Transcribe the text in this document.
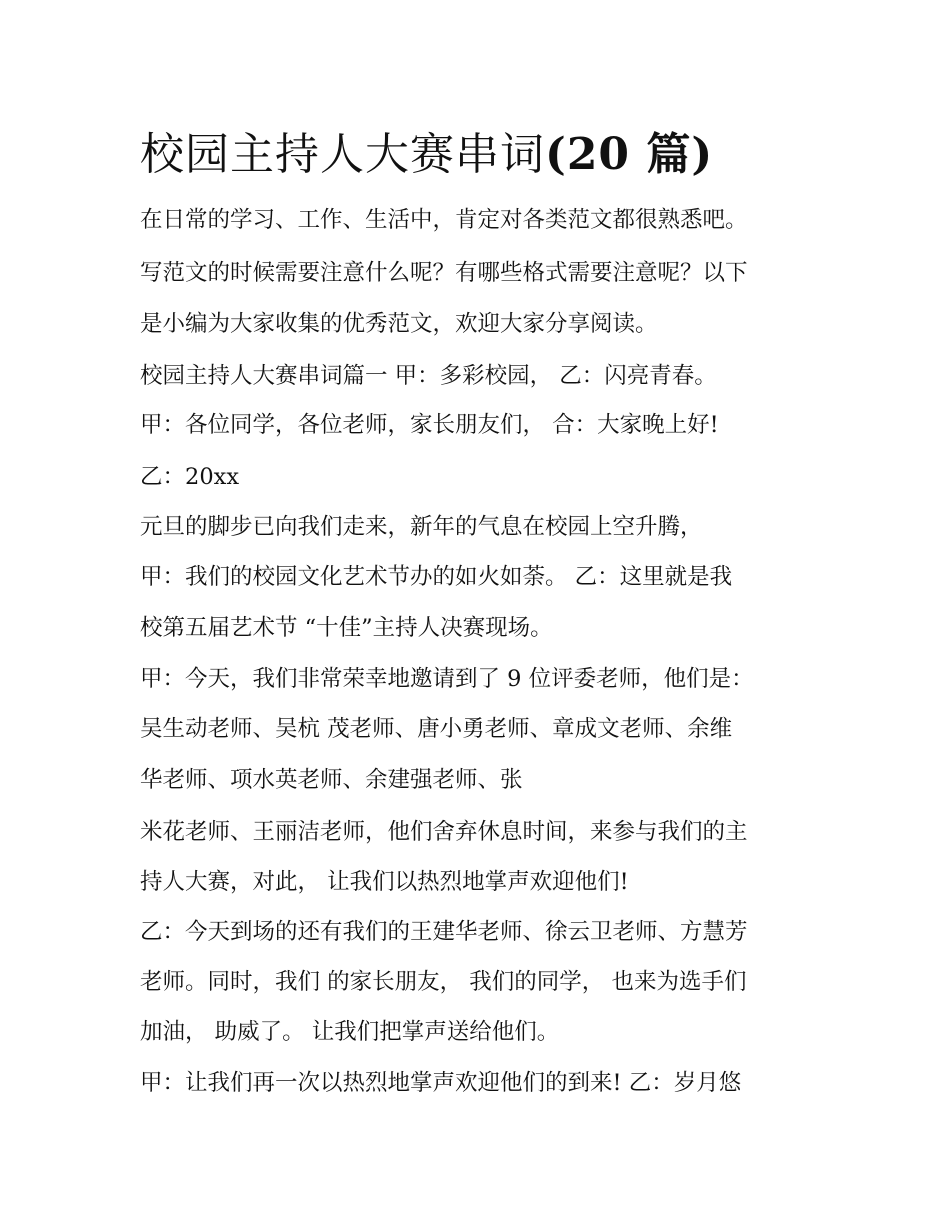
校园主持人大赛串词(20 篇)

在日常的学习、工作、生活中，肯定对各类范文都很熟悉吧。

写范文的时候需要注意什么呢？有哪些格式需要注意呢？以下

是小编为大家收集的优秀范文，欢迎大家分享阅读。

校园主持人大赛串词篇一 甲：多彩校园， 乙：闪亮青春。

甲：各位同学，各位老师，家长朋友们， 合：大家晚上好!

乙：20xx

元旦的脚步已向我们走来，新年的气息在校园上空升腾，

甲：我们的校园文化艺术节办的如火如荼。 乙：这里就是我

校第五届艺术节 “十佳”主持人决赛现场。

甲：今天，我们非常荣幸地邀请到了 9 位评委老师，他们是：

吴生动老师、吴杭 茂老师、唐小勇老师、章成文老师、余维

华老师、项水英老师、余建强老师、张

米花老师、王丽洁老师，他们舍弃休息时间，来参与我们的主

持人大赛，对此， 让我们以热烈地掌声欢迎他们!

乙：今天到场的还有我们的王建华老师、徐云卫老师、方慧芳

老师。同时，我们 的家长朋友， 我们的同学， 也来为选手们

加油， 助威了。 让我们把掌声送给他们。

甲：让我们再一次以热烈地掌声欢迎他们的到来! 乙：岁月悠
